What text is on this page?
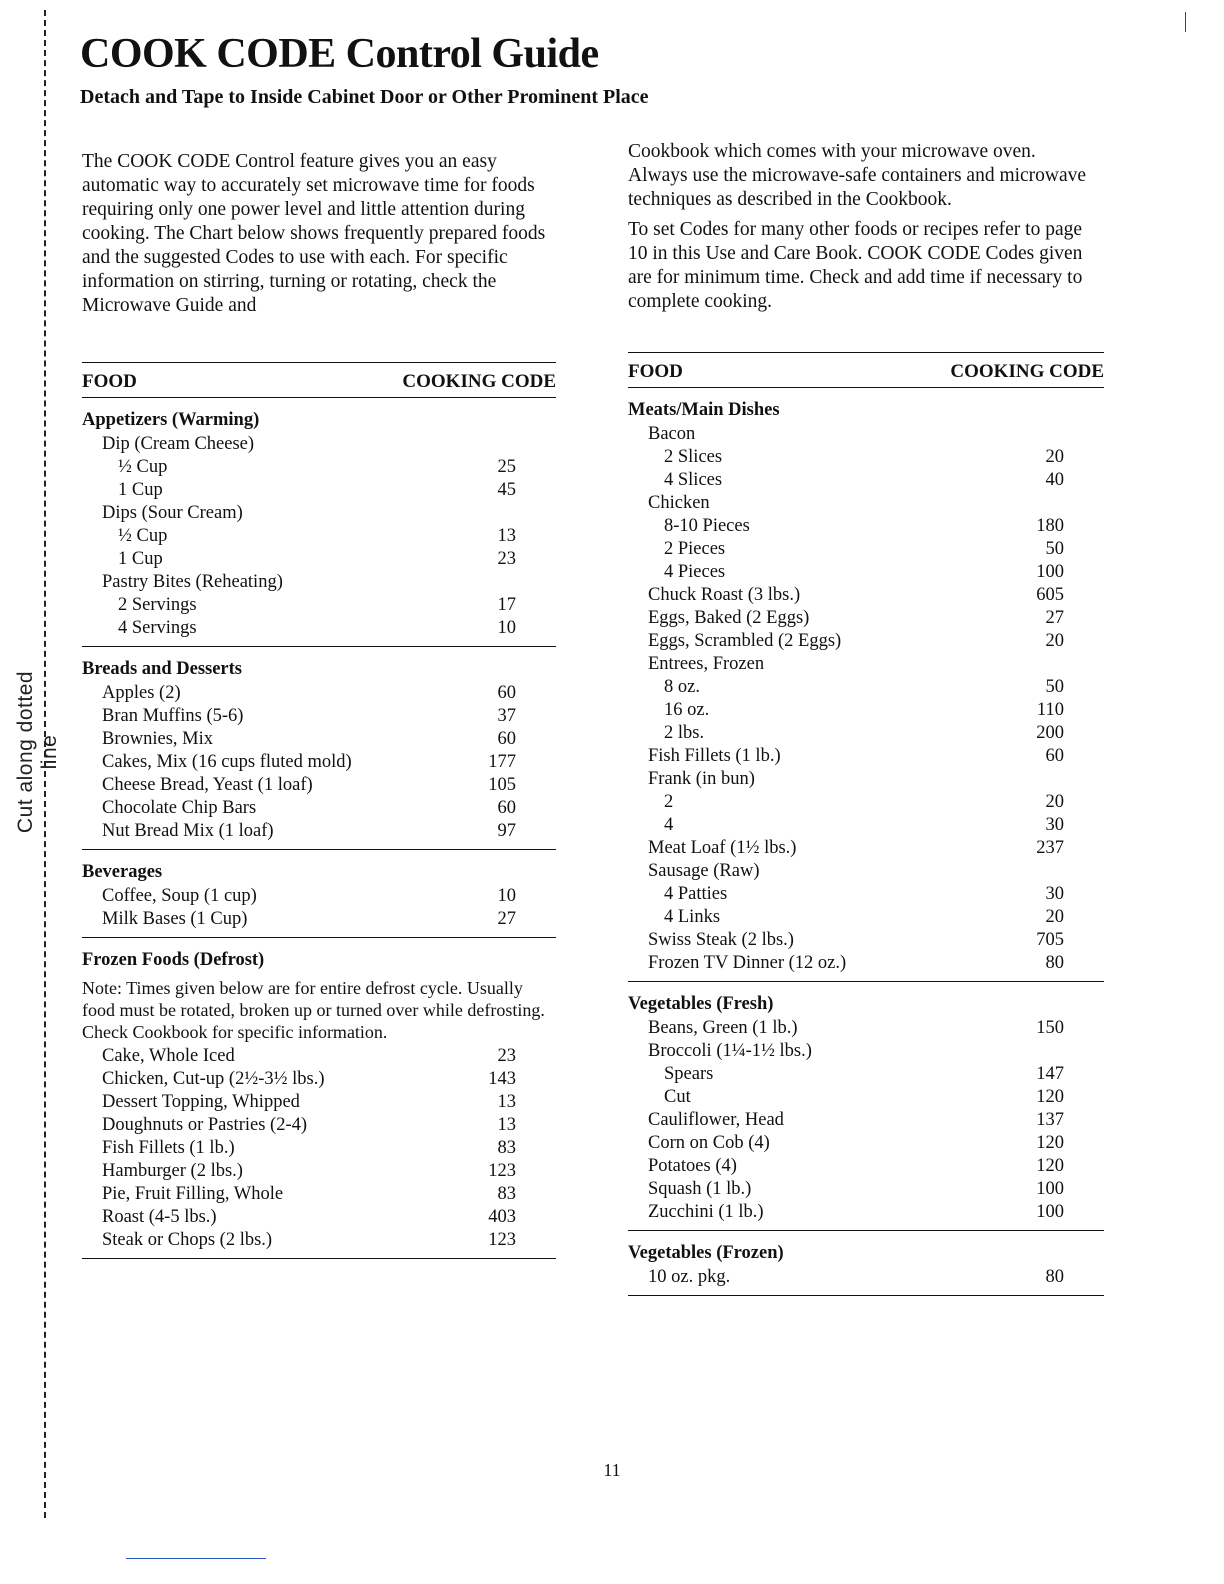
Cut along dotted line
COOK CODE Control Guide
Detach and Tape to Inside Cabinet Door or Other Prominent Place

The COOK CODE Control feature gives you an easy automatic way to accurately set microwave time for foods requiring only one power level and little attention during cooking. The Chart below shows frequently prepared foods and the suggested Codes to use with each. For specific information on stirring, turning or rotating, check the Microwave Guide and

Cookbook which comes with your microwave oven. Always use the microwave-safe containers and microwave techniques as described in the Cookbook.

To set Codes for many other foods or recipes refer to page 10 in this Use and Care Book. COOK CODE Codes given are for minimum time. Check and add time if necessary to complete cooking.

FOOD	COOKING CODE
Appetizers (Warming)
Dip (Cream Cheese)
½ Cup	25
1 Cup	45
Dips (Sour Cream)
½ Cup	13
1 Cup	23
Pastry Bites (Reheating)
2 Servings	17
4 Servings	10
Breads and Desserts
Apples (2)	60
Bran Muffins (5-6)	37
Brownies, Mix	60
Cakes, Mix (16 cups fluted mold)	177
Cheese Bread, Yeast (1 loaf)	105
Chocolate Chip Bars	60
Nut Bread Mix (1 loaf)	97
Beverages
Coffee, Soup (1 cup)	10
Milk Bases (1 Cup)	27
Frozen Foods (Defrost)
Note: Times given below are for entire defrost cycle. Usually food must be rotated, broken up or turned over while defrosting. Check Cookbook for specific information.
Cake, Whole Iced	23
Chicken, Cut-up (2½-3½ lbs.)	143
Dessert Topping, Whipped	13
Doughnuts or Pastries (2-4)	13
Fish Fillets (1 lb.)	83
Hamburger (2 lbs.)	123
Pie, Fruit Filling, Whole	83
Roast (4-5 lbs.)	403
Steak or Chops (2 lbs.)	123
FOOD	COOKING CODE
Meats/Main Dishes
Bacon
2 Slices	20
4 Slices	40
Chicken
8-10 Pieces	180
2 Pieces	50
4 Pieces	100
Chuck Roast (3 lbs.)	605
Eggs, Baked (2 Eggs)	27
Eggs, Scrambled (2 Eggs)	20
Entrees, Frozen
8 oz.	50
16 oz.	110
2 lbs.	200
Fish Fillets (1 lb.)	60
Frank (in bun)
2	20
4	30
Meat Loaf (1½ lbs.)	237
Sausage (Raw)
4 Patties	30
4 Links	20
Swiss Steak (2 lbs.)	705
Frozen TV Dinner (12 oz.)	80
Vegetables (Fresh)
Beans, Green (1 lb.)	150
Broccoli (1¼-1½ lbs.)
Spears	147
Cut	120
Cauliflower, Head	137
Corn on Cob (4)	120
Potatoes (4)	120
Squash (1 lb.)	100
Zucchini (1 lb.)	100
Vegetables (Frozen)
10 oz. pkg.	80
11
